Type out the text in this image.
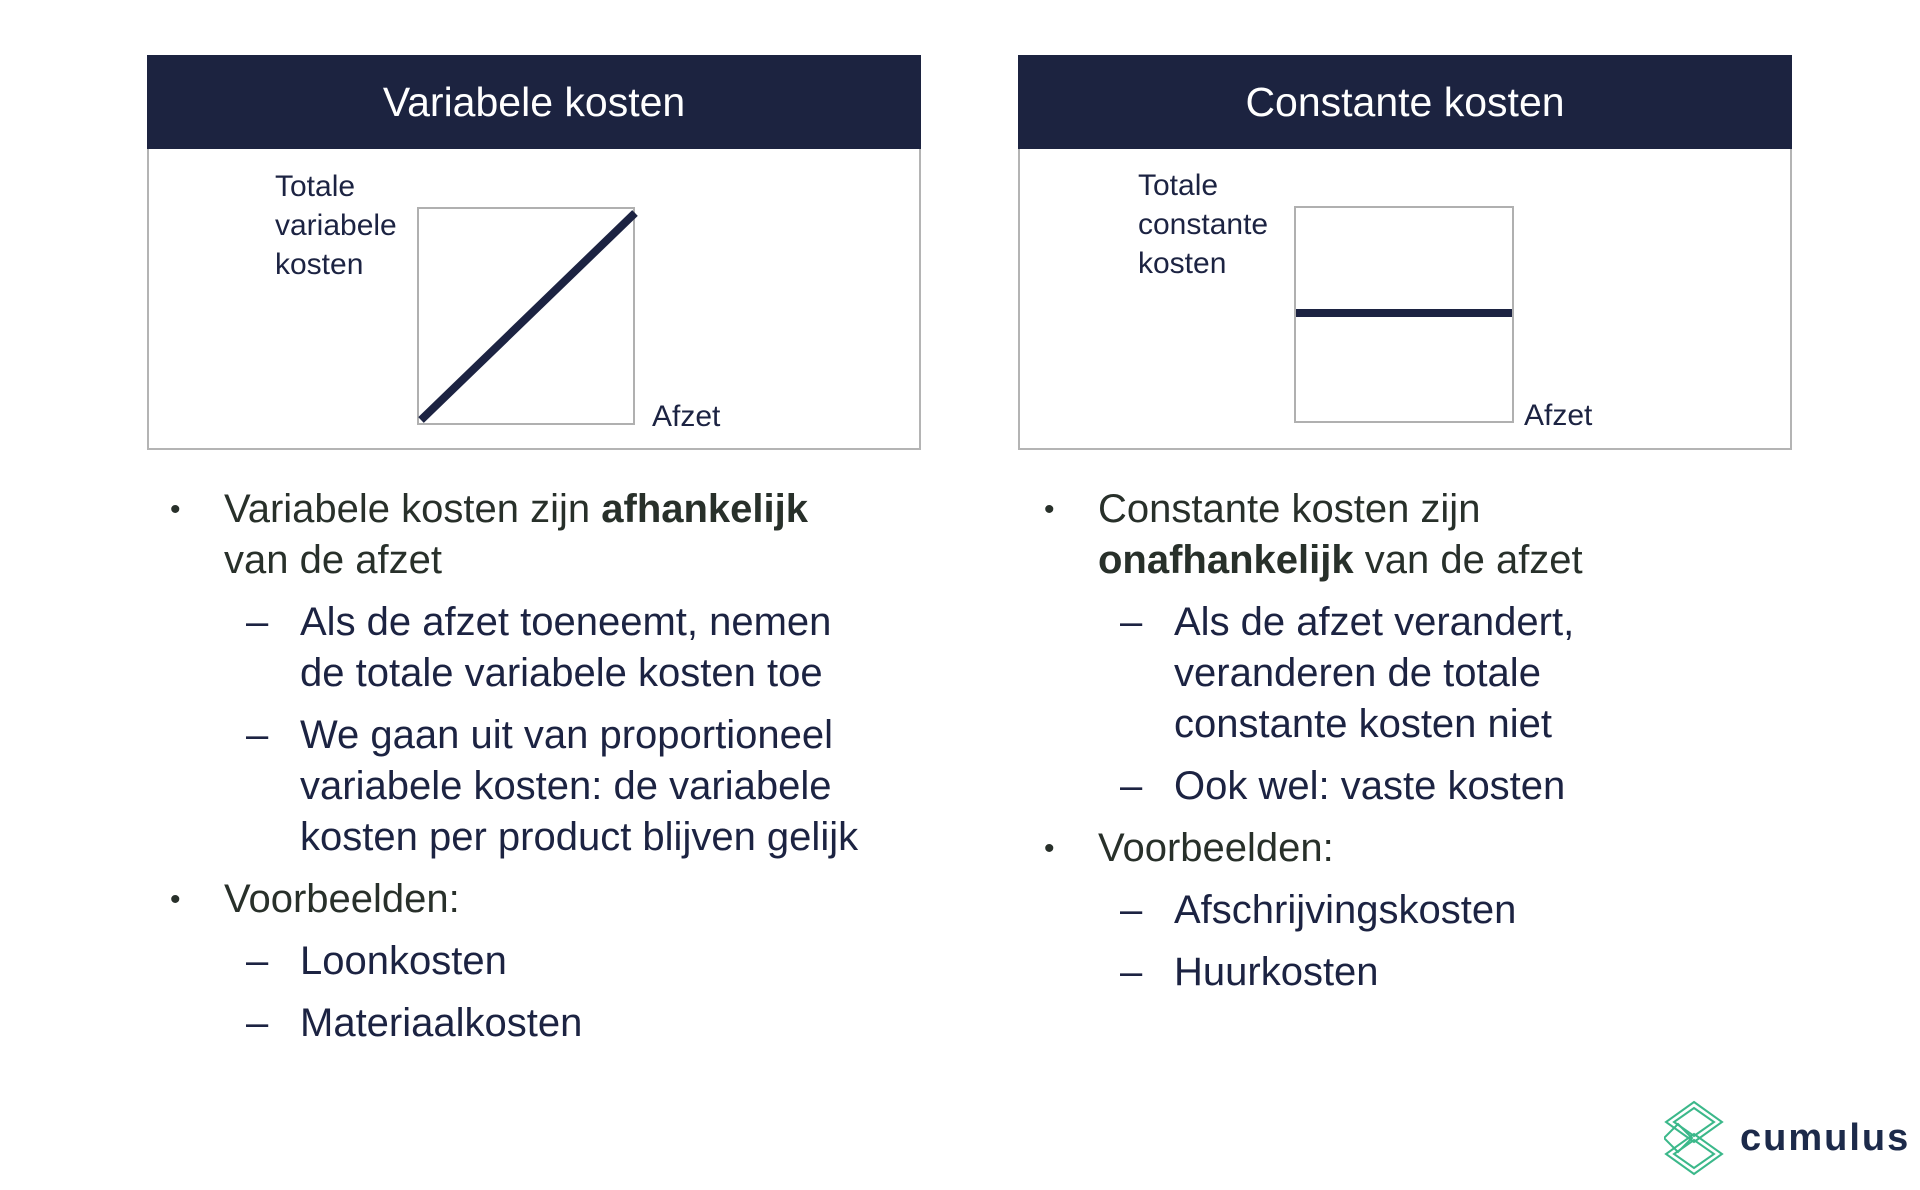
Variabele kosten
Totale
variabele
kosten
Afzet
Constante kosten
Totale
constante
kosten
Afzet
• Variabele kosten zijn afhankelijk
van de afzet
– Als de afzet toeneemt, nemen de totale variabele kosten toe
– We gaan uit van proportioneel variabele kosten: de variabele kosten per product blijven gelijk
• Voorbeelden:
– Loonkosten
– Materiaalkosten
• Constante kosten zijn
onafhankelijk van de afzet
– Als de afzet verandert, veranderen de totale constante kosten niet
– Ook wel: vaste kosten
• Voorbeelden:
– Afschrijvingskosten
– Huurkosten
cumulus
